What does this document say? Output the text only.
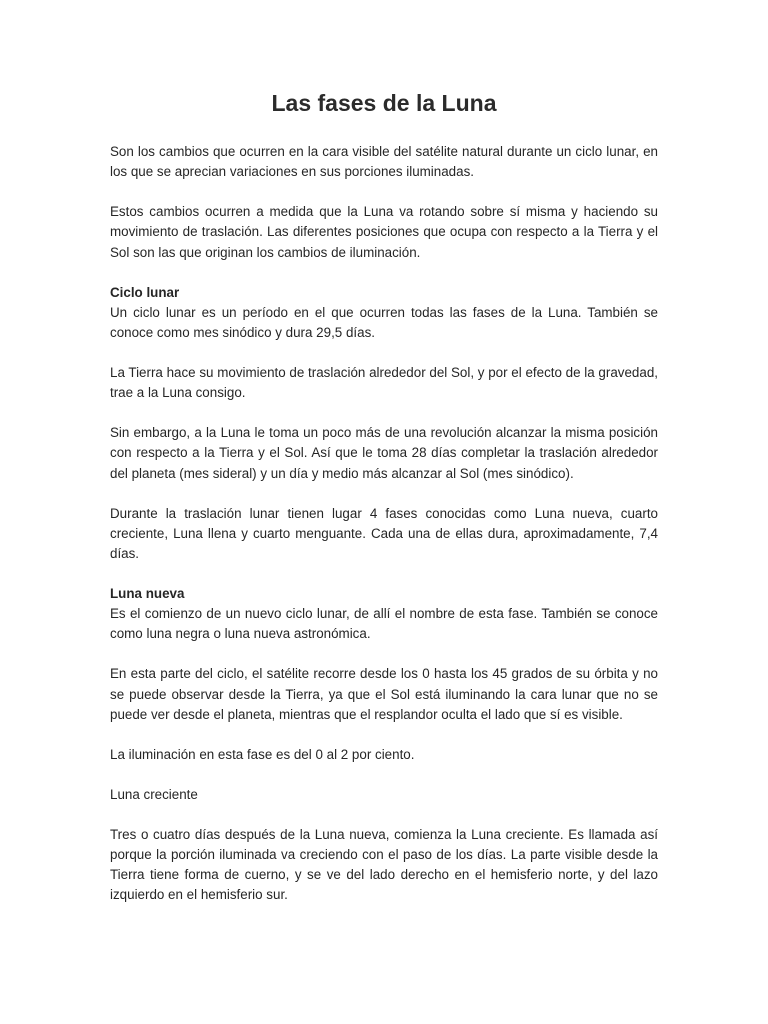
Las fases de la Luna

Son los cambios que ocurren en la cara visible del satélite natural durante un ciclo lunar, en los que se aprecian variaciones en sus porciones iluminadas.

Estos cambios ocurren a medida que la Luna va rotando sobre sí misma y haciendo su movimiento de traslación. Las diferentes posiciones que ocupa con respecto a la Tierra y el Sol son las que originan los cambios de iluminación.

Ciclo lunar

Un ciclo lunar es un período en el que ocurren todas las fases de la Luna. También se conoce como mes sinódico y dura 29,5 días.

La Tierra hace su movimiento de traslación alrededor del Sol, y por el efecto de la gravedad, trae a la Luna consigo.

Sin embargo, a la Luna le toma un poco más de una revolución alcanzar la misma posición con respecto a la Tierra y el Sol. Así que le toma 28 días completar la traslación alrededor del planeta (mes sideral) y un día y medio más alcanzar al Sol (mes sinódico).

Durante la traslación lunar tienen lugar 4 fases conocidas como Luna nueva, cuarto creciente, Luna llena y cuarto menguante. Cada una de ellas dura, aproximadamente, 7,4 días.

Luna nueva

Es el comienzo de un nuevo ciclo lunar, de allí el nombre de esta fase. También se conoce como luna negra o luna nueva astronómica.

En esta parte del ciclo, el satélite recorre desde los 0 hasta los 45 grados de su órbita y no se puede observar desde la Tierra, ya que el Sol está iluminando la cara lunar que no se puede ver desde el planeta, mientras que el resplandor oculta el lado que sí es visible.

La iluminación en esta fase es del 0 al 2 por ciento.

Luna creciente

Tres o cuatro días después de la Luna nueva, comienza la Luna creciente. Es llamada así porque la porción iluminada va creciendo con el paso de los días. La parte visible desde la Tierra tiene forma de cuerno, y se ve del lado derecho en el hemisferio norte, y del lazo izquierdo en el hemisferio sur.
